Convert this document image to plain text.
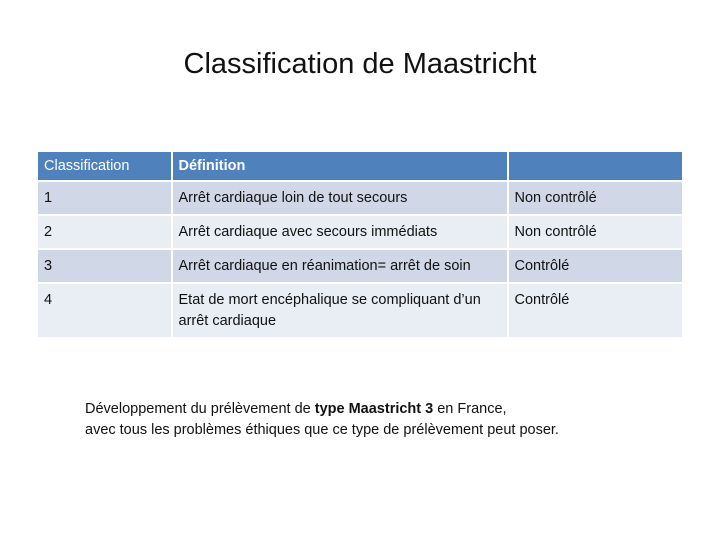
Classification de Maastricht
Classification	Définition	
1	Arrêt cardiaque loin de tout secours	Non contrôlé
2	Arrêt cardiaque avec secours immédiats	Non contrôlé
3	Arrêt cardiaque en réanimation= arrêt de soin	Contrôlé
4	Etat de mort encéphalique se compliquant d’un arrêt cardiaque	Contrôlé
Développement du prélèvement de type Maastricht 3 en France,
avec tous les problèmes éthiques que ce type de prélèvement peut poser.
